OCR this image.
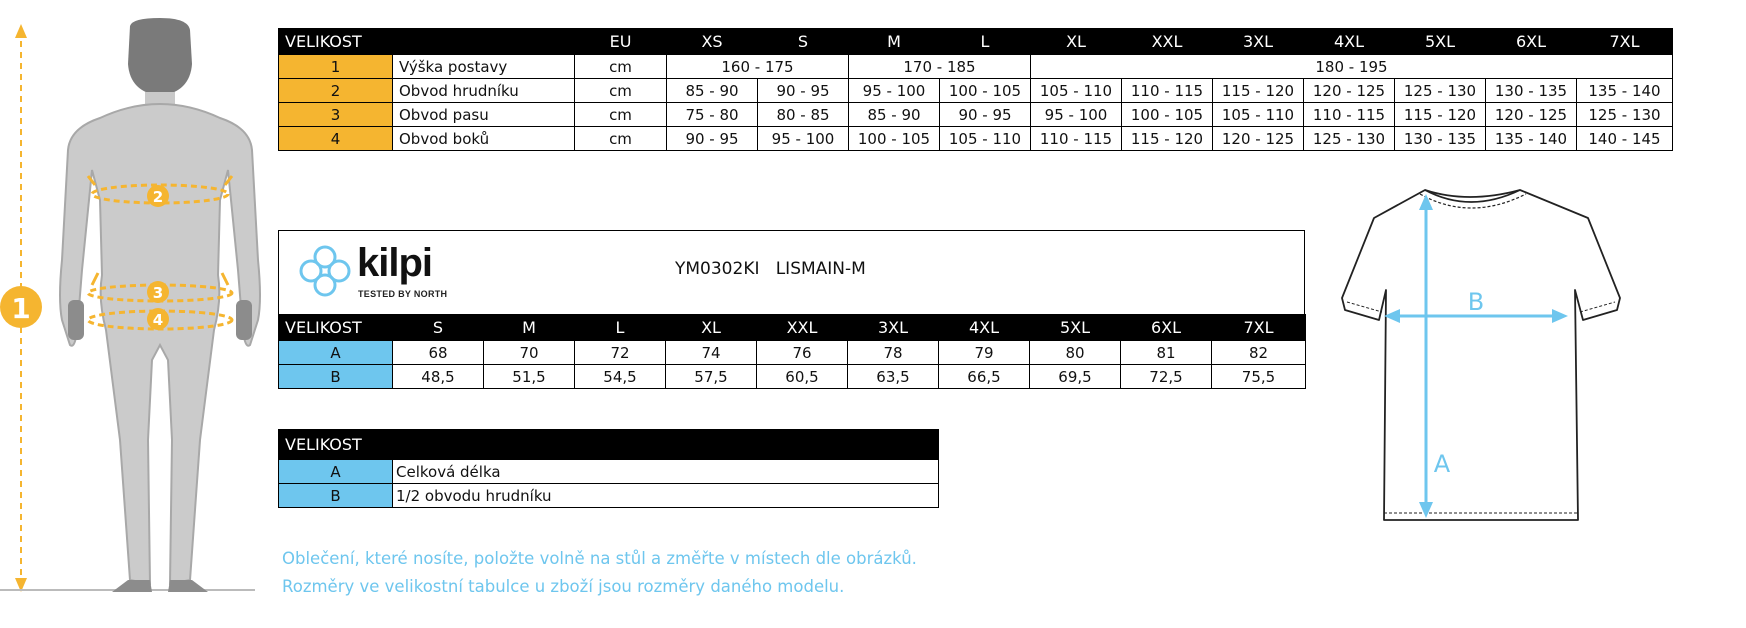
2
3
4
1
VELIKOST		EU	XS	S	M	L	XL	XXL	3XL	4XL	5XL	6XL	7XL
1	Výška postavy	cm	160 - 175		170 - 185		180 - 195						
2	Obvod hrudníku	cm	85 - 90	90 - 95	95 - 100	100 - 105	105 - 110	110 - 115	115 - 120	120 - 125	125 - 130	130 - 135	135 - 140
3	Obvod pasu	cm	75 - 80	80 - 85	85 - 90	90 - 95	95 - 100	100 - 105	105 - 110	110 - 115	115 - 120	120 - 125	125 - 130
4	Obvod boků	cm	90 - 95	95 - 100	100 - 105	105 - 110	110 - 115	115 - 120	120 - 125	125 - 130	130 - 135	135 - 140	140 - 145
kilpi
TESTED BY NORTH
YM0302KI LISMAIN-M
VELIKOST	S	M	L	XL	XXL	3XL	4XL	5XL	6XL	7XL
A	68	70	72	74	76	78	79	80	81	82
B	48,5	51,5	54,5	57,5	60,5	63,5	66,5	69,5	72,5	75,5
VELIKOST	
A	Celková délka
B	1/2 obvodu hrudníku
B
A
Oblečení, které nosíte, položte volně na stůl a změřte v místech dle obrázků.
Rozměry ve velikostní tabulce u zboží jsou rozměry daného modelu.
